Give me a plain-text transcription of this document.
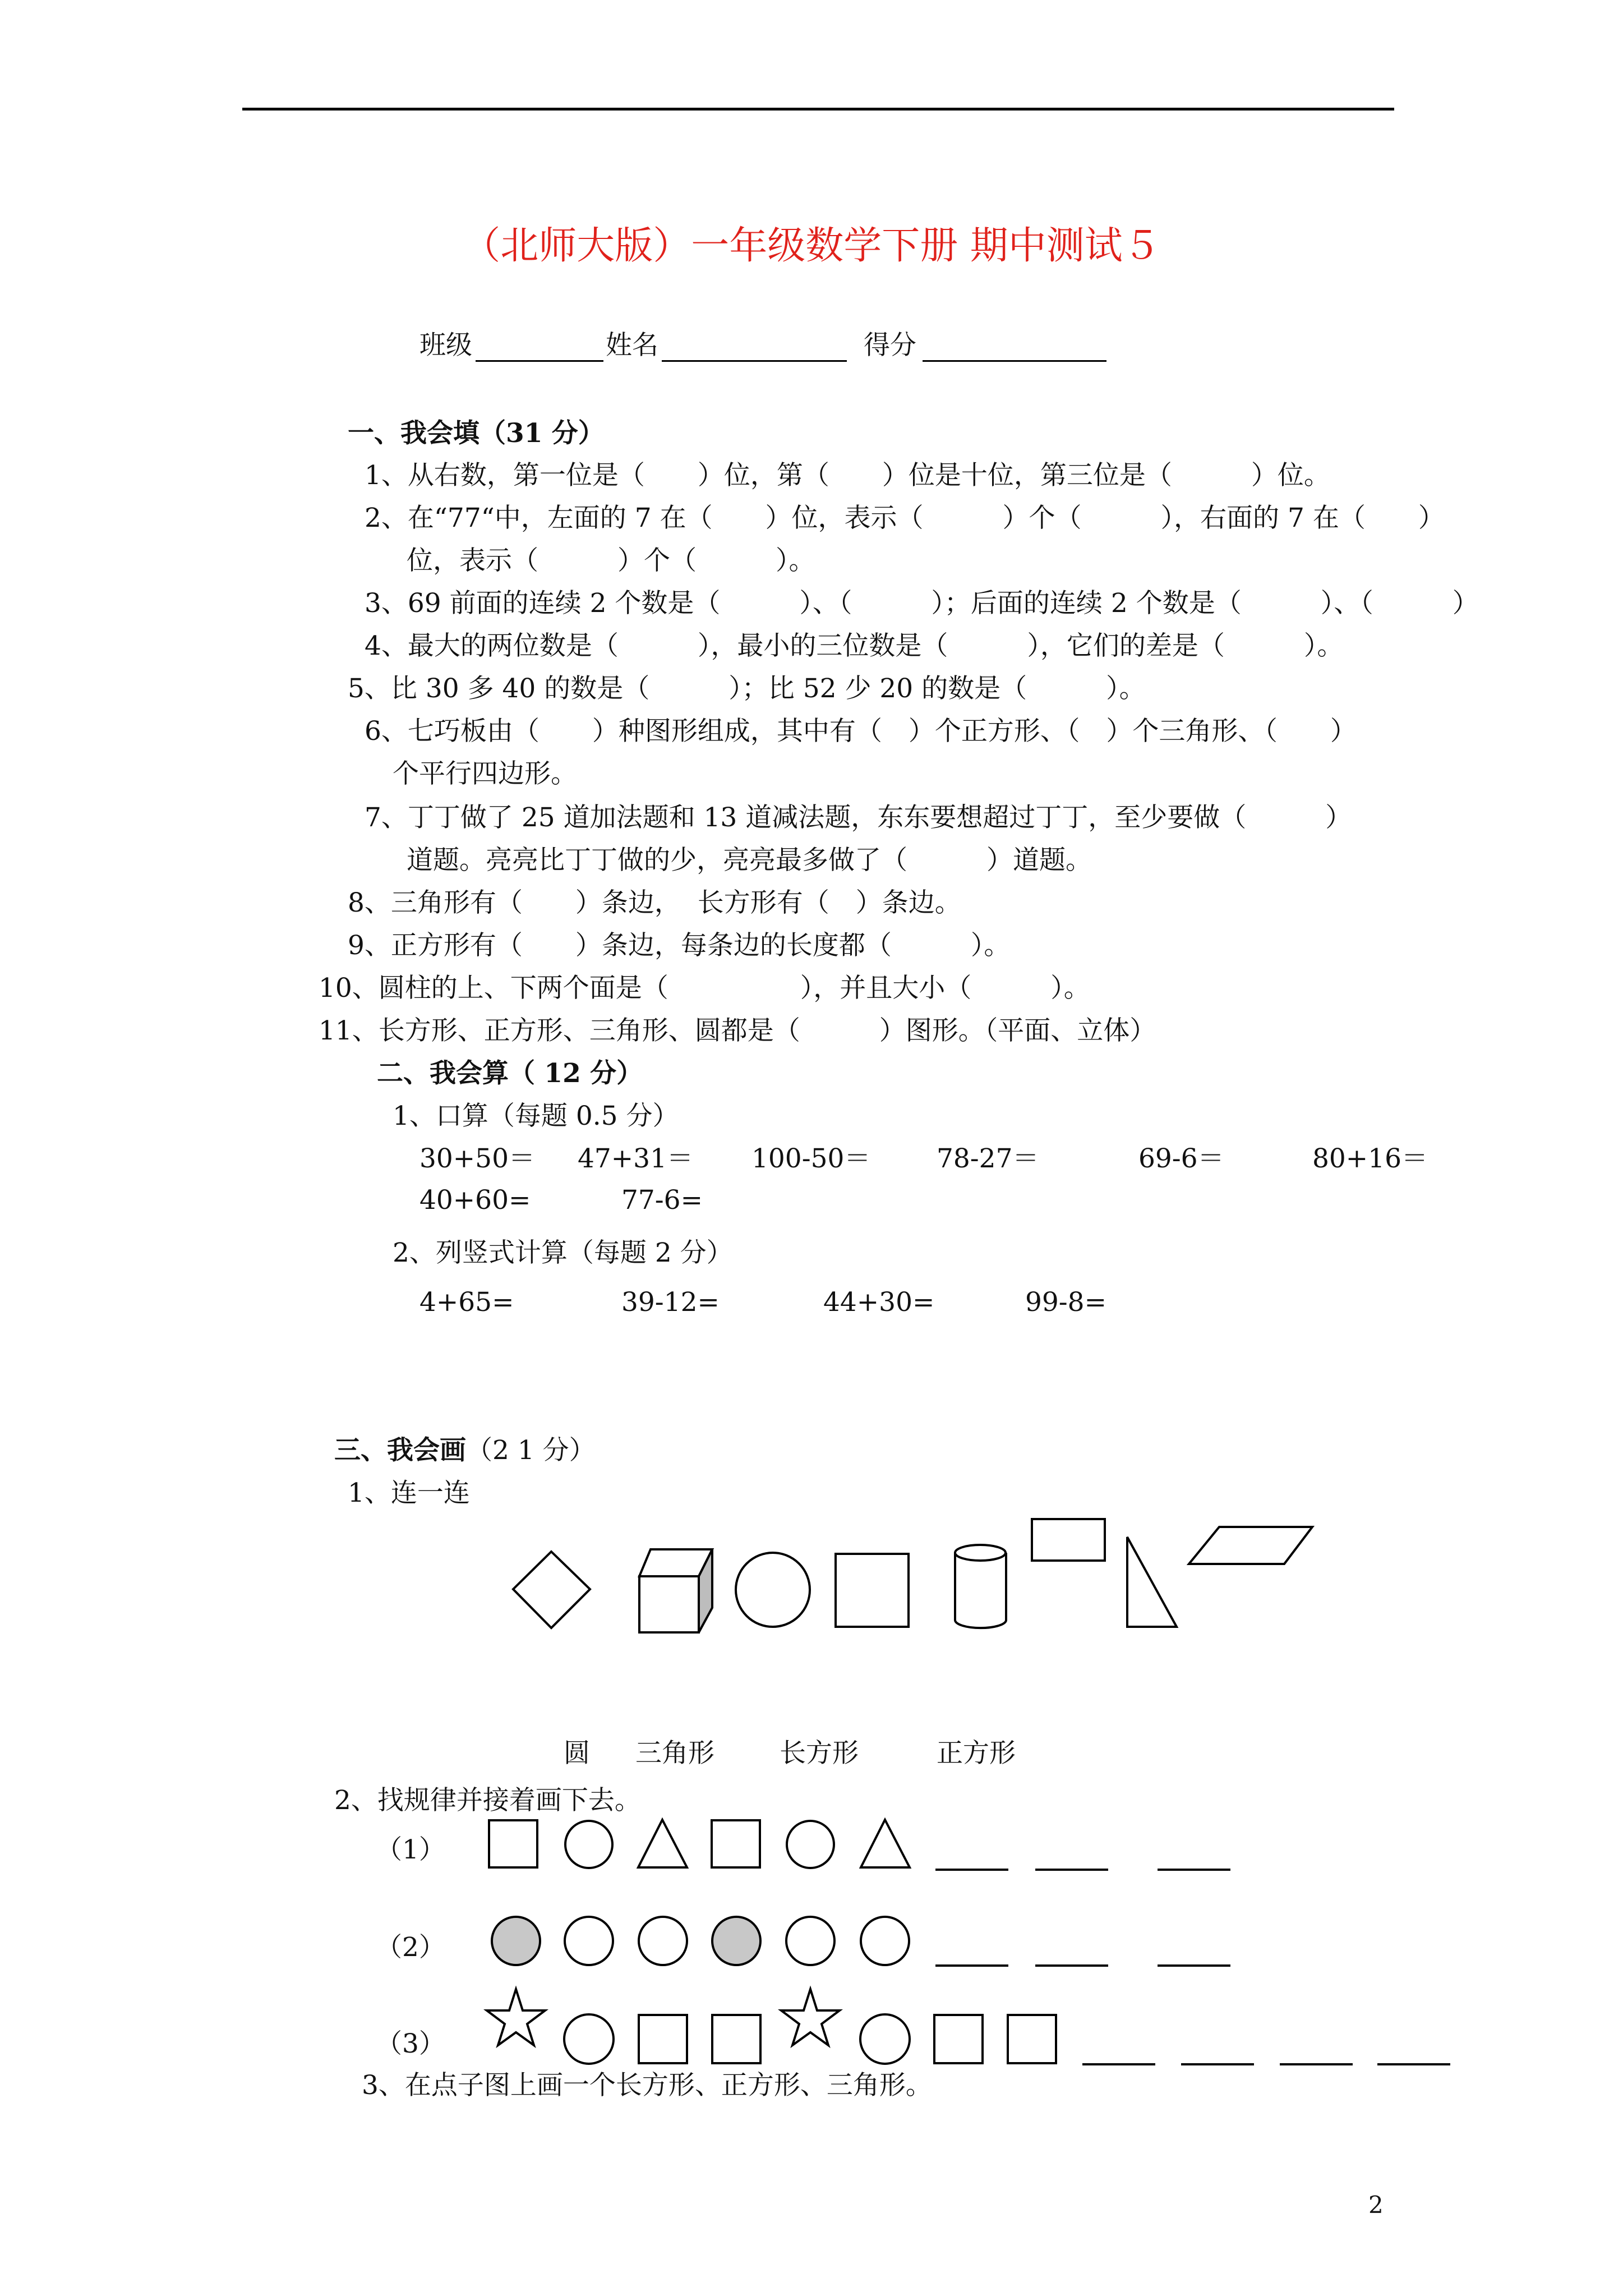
（北师大版）一年级数学下册 期中测试５
班级	姓名	得分
一、我会填（31 分）
1、从右数，第一位是（　　）位，第（　　）位是十位，第三位是（　　　）位。
2、在“77“中，左面的 7 在（　　）位，表示（　　　）个（　　　），右面的 7 在（　　）
位，表示（　　　）个（　　　）。
3、69 前面的连续 2 个数是（　　　）、（　　　）；后面的连续 2 个数是（　　　）、（　　　）
4、最大的两位数是（　　　），最小的三位数是（　　　），它们的差是（　　　）。
5、比 30 多 40 的数是（　　　）；比 52 少 20 的数是（　　　）。
6、七巧板由（　　）种图形组成，其中有（　）个正方形、（　）个三角形、（　　）
个平行四边形。
7、丁丁做了 25 道加法题和 13 道减法题，东东要想超过丁丁，至少要做（　　　）
道题。亮亮比丁丁做的少，亮亮最多做了（　　　）道题。
8、三角形有（　　）条边，  长方形有（　）条边。
9、正方形有（　　）条边，每条边的长度都（　　　）。
10、圆柱的上、下两个面是（　　　　　），并且大小（　　　）。
11、长方形、正方形、三角形、圆都是（　　　）图形。（平面、立体）
二、我会算（ 12 分）
1、口算（每题 0.5 分）
30+50＝ 47+31＝ 100-50＝	78-27＝	69-6＝	80+16＝
40+60=	77-6=
2、列竖式计算（每题 2 分）
4+65=	39-12=	44+30=	99-8=
三、我会画（2 1 分）
1、连一连
圆 三角形 长方形	正方形
2、找规律并接着画下去。
（1）
（2）
（3）
3、在点子图上画一个长方形、正方形、三角形。
2
